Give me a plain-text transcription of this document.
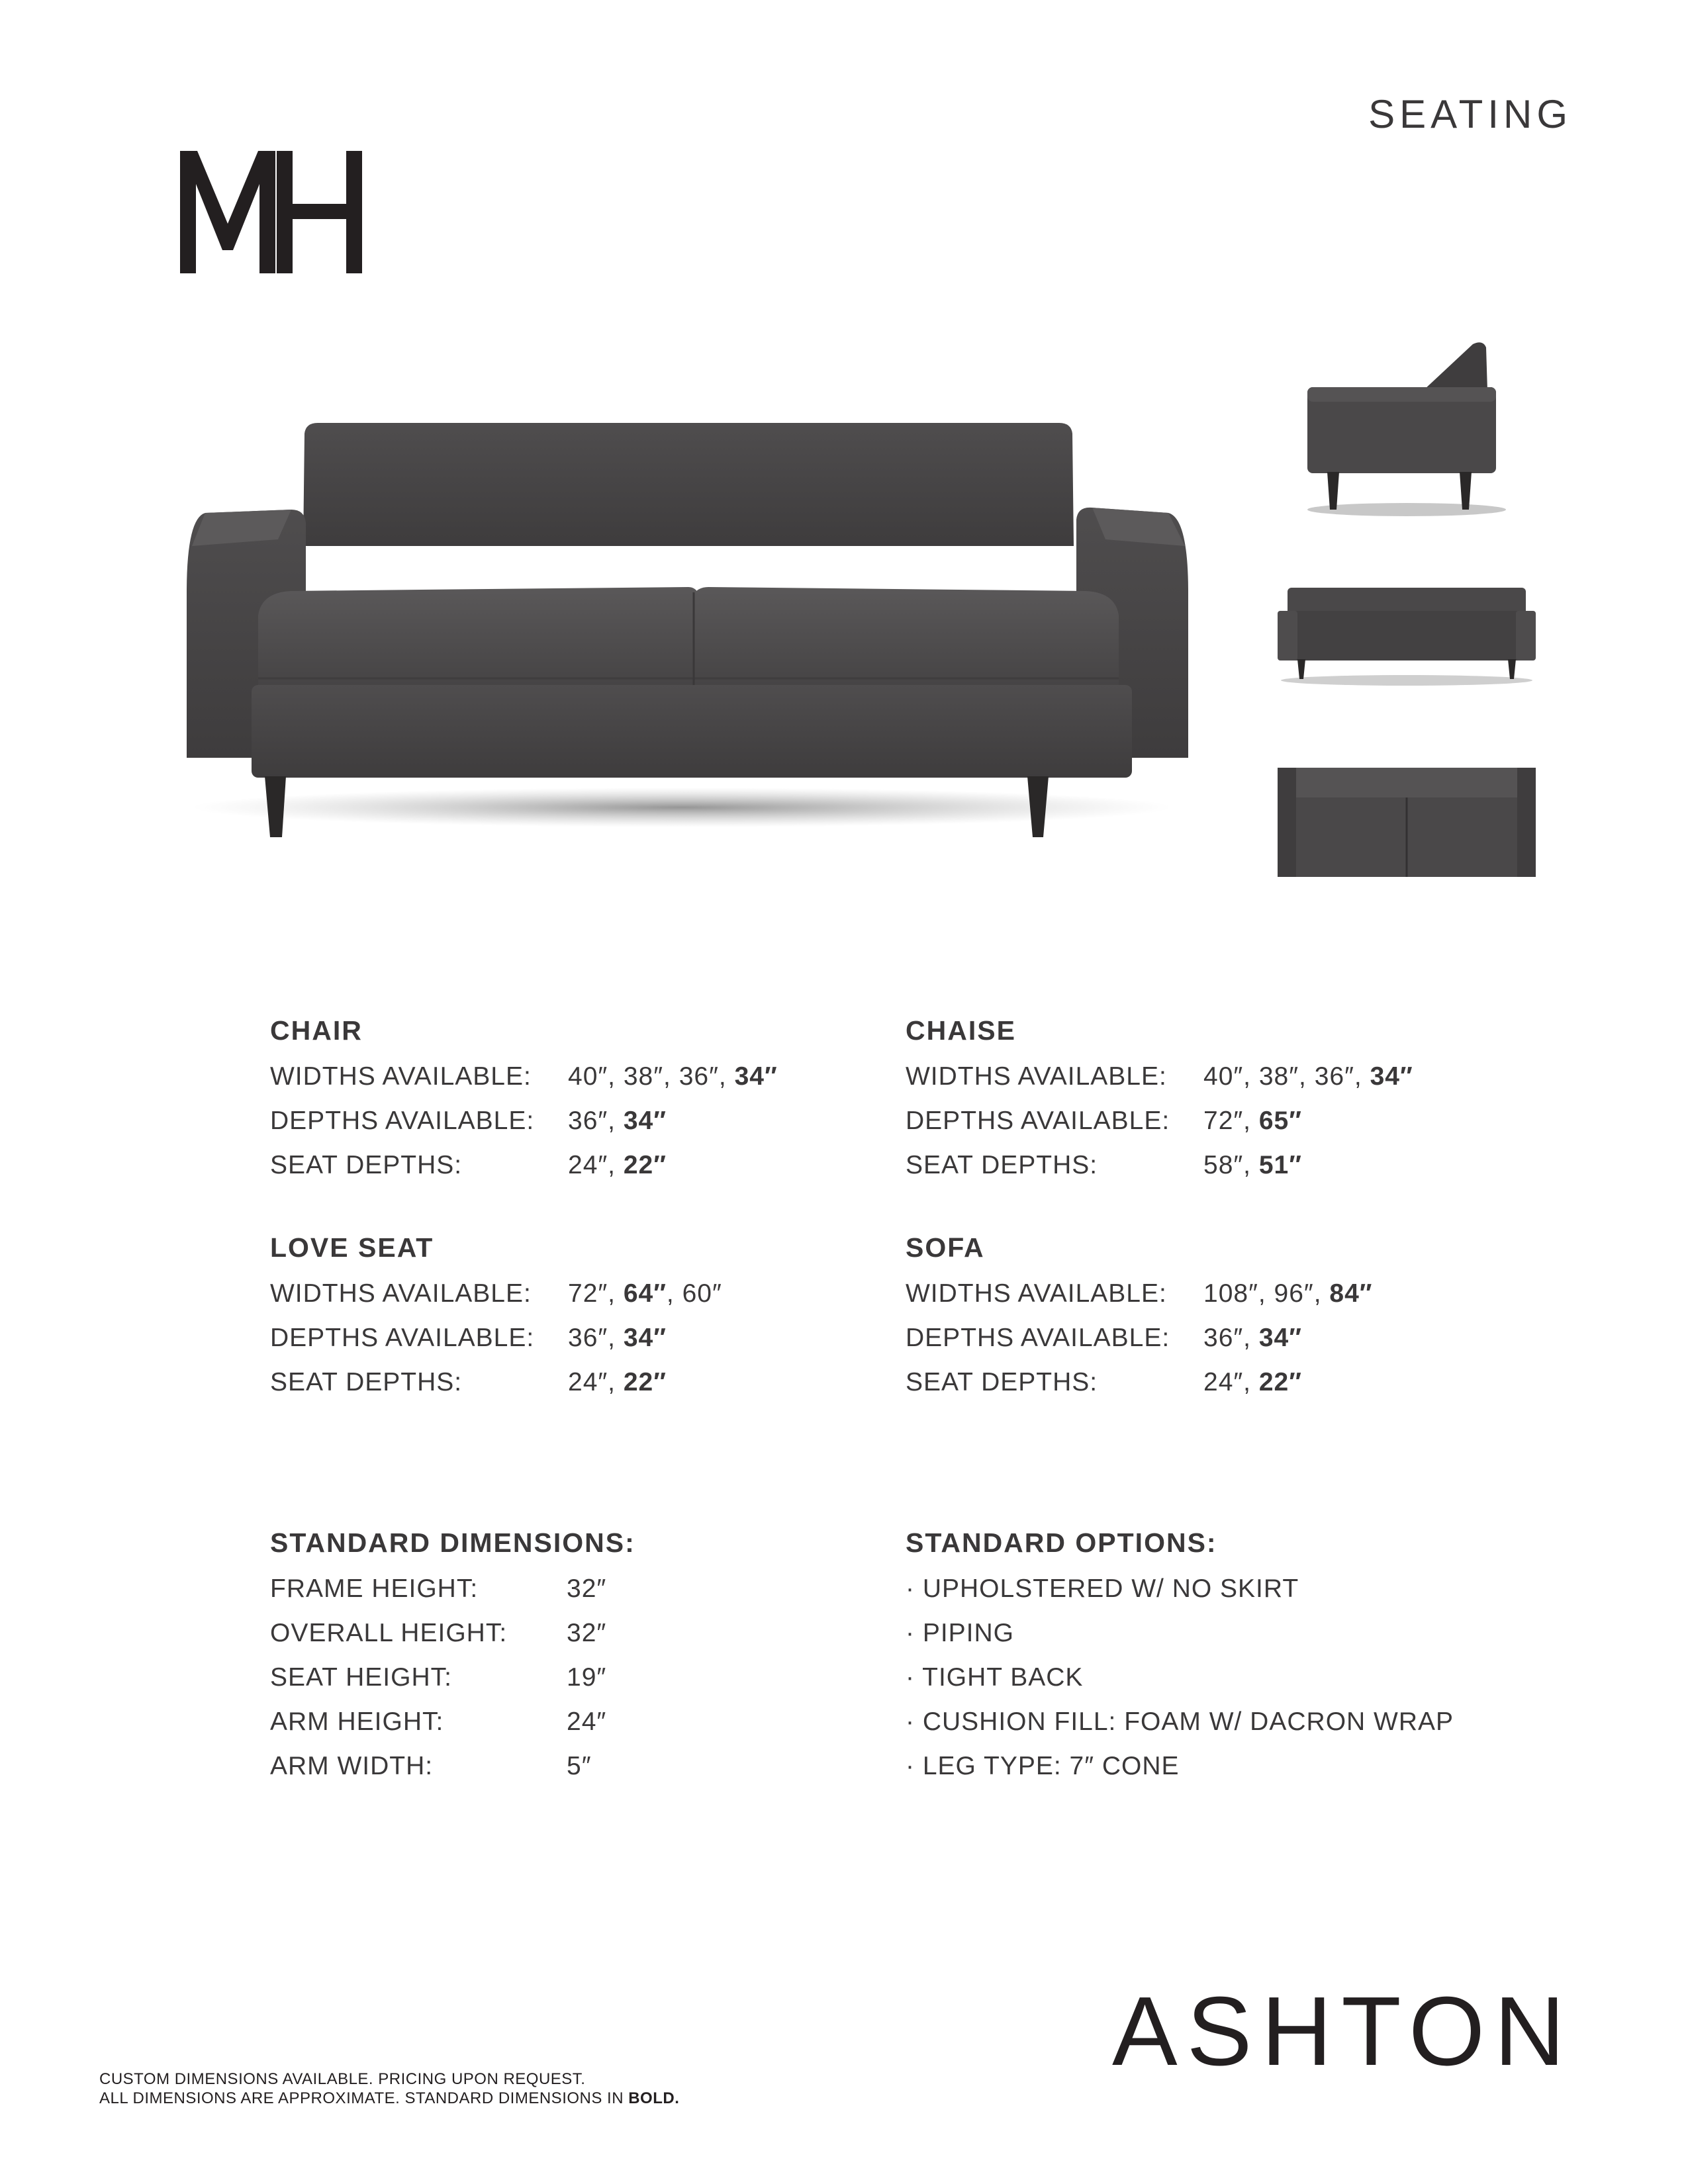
SEATING
CHAIR
WIDTHS AVAILABLE:	40″, 38″, 36″, 34″
DEPTHS AVAILABLE:	36″, 34″
SEAT DEPTHS:	24″, 22″
CHAISE
WIDTHS AVAILABLE:	40″, 38″, 36″, 34″
DEPTHS AVAILABLE:	72″, 65″
SEAT DEPTHS:	58″, 51″
LOVE SEAT
WIDTHS AVAILABLE:	72″, 64″, 60″
DEPTHS AVAILABLE:	36″, 34″
SEAT DEPTHS:	24″, 22″
SOFA
WIDTHS AVAILABLE:	108″, 96″, 84″
DEPTHS AVAILABLE:	36″, 34″
SEAT DEPTHS:	24″, 22″
STANDARD DIMENSIONS:
FRAME HEIGHT:	32″
OVERALL HEIGHT:	32″
SEAT HEIGHT:	19″
ARM HEIGHT:	24″
ARM WIDTH:	5″
STANDARD OPTIONS:
· UPHOLSTERED W/ NO SKIRT
· PIPING
· TIGHT BACK
· CUSHION FILL: FOAM W/ DACRON WRAP
· LEG TYPE: 7″ CONE
ASHTON
CUSTOM DIMENSIONS AVAILABLE. PRICING UPON REQUEST.
ALL DIMENSIONS ARE APPROXIMATE. STANDARD DIMENSIONS IN BOLD.
